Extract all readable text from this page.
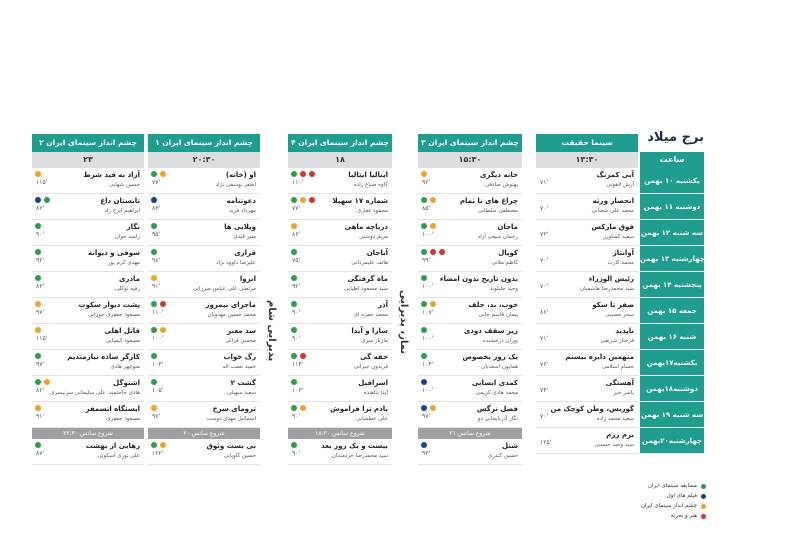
برج میلاد
ساعت
یکشنبه ۱۰ بهمن
دوشنبه ۱۱ بهمن
سه شنبه ۱۲ بهمن
چهارشنبه ۱۳ بهمن
پنجشنبه ۱۴ بهمن
جمعه ۱۵ بهمن
شنبه ۱۶ بهمن
یکشنبه۱۷بهمن
دوشنبه۱۸بهمن
سه شنبه ۱۹ بهمن
چهارشنبه۲۰بهمن
سینما حقیقت
۱۳:۳۰
آبی کمرنگ
آرش لاهوتی
۷۱'
انحصار ورثه
محمد علی شعبانی
۷۰'
فوق مارکس
سعید کشاورز
۷۳'
آوانتاژ
محمد کارت
۷۰'
رئیس الوزراء
سید محمدرضا هاشمیان
۷۰'
صفر تا سکو
سحر مصیبی
۸۶'
ناپدید
فرحناز شریفی
۷۱'
متهمین دایره بیستم
حسام اسلامی
۷۶'
آهستگی
یاسر خیر
۷۴'
گوربس، وطن کوچک من
سعید محمد زاده
۷۰'
بزم رزم
سید وحید حسینی
۱۲۵'
چشم انداز سینمای ایران ۳
۱۵:۳۰
خانه دیگری
بهنوش صادقی
۹۲'
چراغ های نا تمام
مصطفی سلطانی
۸۵'
ماجان
رحمان سیفی آزاد
۱۰۰'
کوپال
کاظم ملائی
۹۹'
بدون تاریخ بدون امضاء
وحید جلیلوند
۱۰۰'
خوب، بد، جلف
پیمان قاسم خانی
۱۰۷'
زیر سقف دودی
پوران درخشنده
۱۰۰'
یک روز بخصوص
همایون اسعدیان
۱۰۴'
کمدی انسانی
محمد هادی کریمی
۱۰۰'
فصل نرگس
نگار آذربایجانی دو
۹۷'
شروع سانس ۲۱
شنل
حسین کندری
۹۳'
چشم انداز سینمای ایران ۴
۱۸
ایتالیا ایتالیا
کاوه صباغ زاده
۱۱۰'
شماره ۱۷ سهیلا
محمود غفاری
۷۷'
درباچه ماهی
مریم دوستی
۸۶'
آباجان
هاتف علیمردانی
۷۵'
ماه گرفتگی
سید مسعود اطیابی
۹۲'
آذر
محمد حمزه ای
۹۰'
سارا و آیدا
مازیار میری
۹۰'
خفه گی
فریدون جیرانی
۱۱۴'
اسرافیل
آیدا پناهنده
۱۰۳'
بادم ترا فراموش
علی عطشانی
۹۰'
شروع سانس ۱۸:۳۰
بیست و یک روز بعد
سید محمدرضا خردمندان
۹۰'
چشم انداز سینمای ایران ۱
۲۰:۳۰
او (خانه)
اصغر یوسفی نژاد
۷۷'
دعوتنامه
مهرداد فرید
۸۳'
ویلایی ها
منیر قیدی
۹۵'
قراری
علیرضا داوود نژاد
۹۸'
انزوا
مرتضی علی عباس میرزایی
۹۱'
ماجرای نیمروز
محمد حسین مهدویان
۱۱۰'
سد معبر
محسن قرائی
۱۰۰'
رگ خواب
حمید نعمت اله
۱۰۴'
گشت ۲
سعید سهیلی
۱۰۵'
ترومای سرخ
اسمائیل مهدی دوست
۹۷'
شروع سانس ۲۰
بی بست وثوق
حسین کاوپانی
۱۲۲'
چشم انداز سینمای ایران ۲
۲۳
آزاد به قید شرط
حسین شهابی
۱۱۵'
تابستان داغ
ابراهیم ایرج زاد
۸۲'
نگار
رامبد جوان
۹۰'
سوفی و دیوانه
مهدی کرم پور
۹۲'
مادری
رقیه توکلی
۸۳'
پشت دیوار سکوت
مسعود جعفری جوزانی
۹۷'
قاتل اهلی
مسعود کیمیایی
۱۱۵'
کارگر ساده نیازمندیم
منوچهر هادی
۹۷'
اشنوگل
هادی حاجتمند، علی سلیمانی سرنیسری
۸۲'
ایستگاه اتسمفر
مسعود جعفری
۹۱'
شروع سانس ۲۲:۳۰
رهایی از بهشت
علی نوری اسکویی
۸۷'
پذیرایی شام	نماز، پذیرایی
مسابقه سینمای ایران
فیلم های اول
چشم انداز سینمای ایران
هنر و تجربه
